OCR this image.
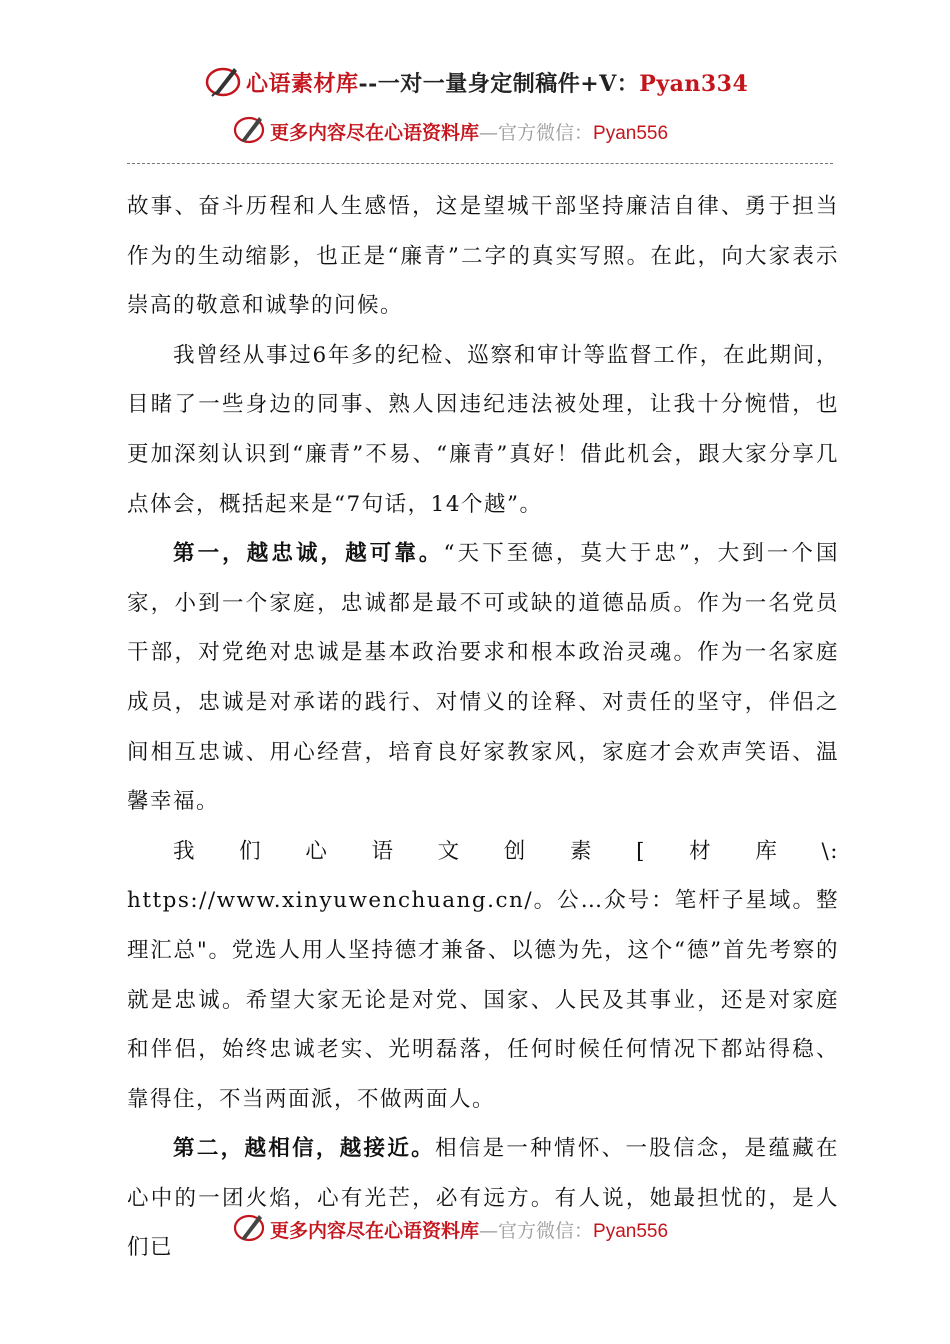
心语素材库--一对一量身定制稿件+V：Pyan334
更多内容尽在心语资料库—官方微信：Pyan556

故事、奋斗历程和人生感悟，这是望城干部坚持廉洁自律、勇于担当作为的生动缩影，也正是“廉青”二字的真实写照。在此，向大家表示崇高的敬意和诚挚的问候。

我曾经从事过6年多的纪检、巡察和审计等监督工作，在此期间，目睹了一些身边的同事、熟人因违纪违法被处理，让我十分惋惜，也更加深刻认识到“廉青”不易、“廉青”真好！借此机会，跟大家分享几点体会，概括起来是“7句话，14个越”。

第一，越忠诚，越可靠。“天下至德，莫大于忠”，大到一个国家，小到一个家庭，忠诚都是最不可或缺的道德品质。作为一名党员干部，对党绝对忠诚是基本政治要求和根本政治灵魂。作为一名家庭成员，忠诚是对承诺的践行、对情义的诠释、对责任的坚守，伴侣之间相互忠诚、用心经营，培育良好家教家风，家庭才会欢声笑语、温馨幸福。

我们心语文创素[材库\: https://www.xinyuwenchuang.cn/。公…众号：笔杆子星域。整理汇总"。党选人用人坚持德才兼备、以德为先，这个“德”首先考察的就是忠诚。希望大家无论是对党、国家、人民及其事业，还是对家庭和伴侣，始终忠诚老实、光明磊落，任何时候任何情况下都站得稳、靠得住，不当两面派，不做两面人。

第二，越相信，越接近。相信是一种情怀、一股信念，是蕴藏在心中的一团火焰，心有光芒，必有远方。有人说，她最担忧的，是人们已

更多内容尽在心语资料库—官方微信：Pyan556
